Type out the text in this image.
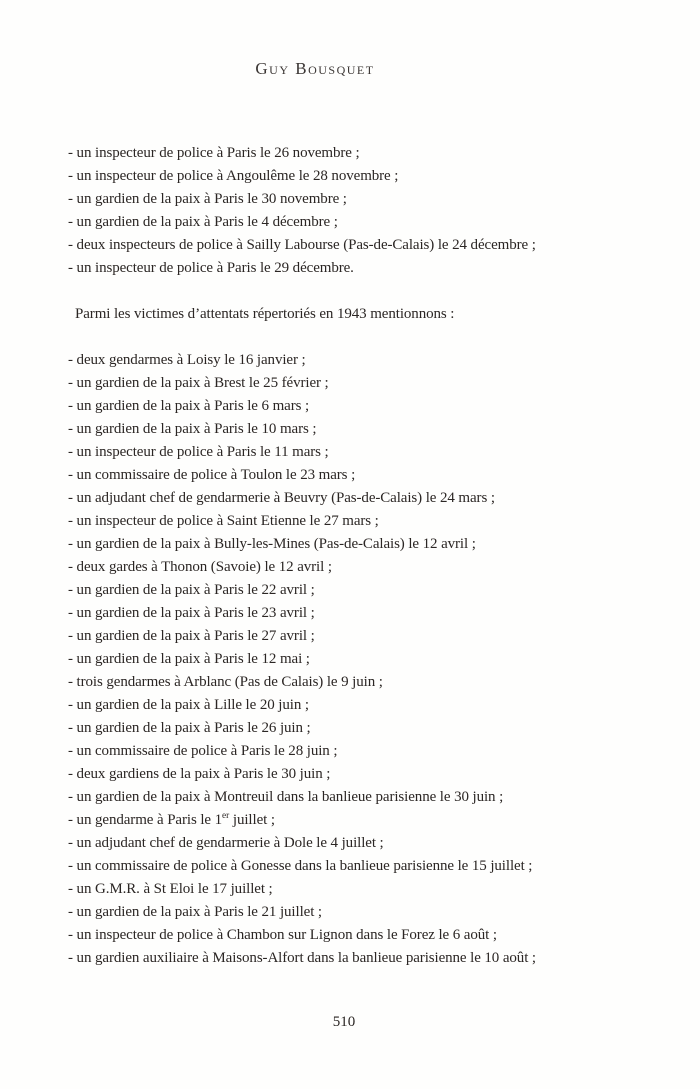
Guy Bousquet
- un inspecteur de police à Paris le 26 novembre ;
- un inspecteur de police à Angoulême le 28 novembre ;
- un gardien de la paix à Paris le 30 novembre ;
- un gardien de la paix à Paris le 4 décembre ;
- deux inspecteurs de police à Sailly Labourse (Pas-de-Calais) le 24 décembre ;
- un inspecteur de police à Paris le 29 décembre.
Parmi les victimes d’attentats répertoriés en 1943 mentionnons :
- deux gendarmes à Loisy le 16 janvier ;
- un gardien de la paix à Brest le 25 février ;
- un gardien de la paix à Paris le 6 mars ;
- un gardien de la paix à Paris le 10 mars ;
- un inspecteur de police à Paris le 11 mars ;
- un commissaire de police à Toulon le 23 mars ;
- un adjudant chef de gendarmerie à Beuvry (Pas-de-Calais) le 24 mars ;
- un inspecteur de police à Saint Etienne le 27 mars ;
- un gardien de la paix à Bully-les-Mines (Pas-de-Calais) le 12 avril ;
- deux gardes à Thonon (Savoie) le 12 avril ;
- un gardien de la paix à Paris le 22 avril ;
- un gardien de la paix à Paris le 23 avril ;
- un gardien de la paix à Paris le 27 avril ;
- un gardien de la paix à Paris le 12 mai ;
- trois gendarmes à Arblanc (Pas de Calais) le 9 juin ;
- un gardien de la paix à Lille le 20 juin ;
- un gardien de la paix à Paris le 26 juin ;
- un commissaire de police à Paris le 28 juin ;
- deux gardiens de la paix à Paris le 30 juin ;
- un gardien de la paix à Montreuil dans la banlieue parisienne le 30 juin ;
- un gendarme à Paris le 1er juillet ;
- un adjudant chef de gendarmerie à Dole le 4 juillet ;
- un commissaire de police à Gonesse dans la banlieue parisienne le 15 juillet ;
- un G.M.R. à St Eloi le 17 juillet ;
- un gardien de la paix à Paris le 21 juillet ;
- un inspecteur de police à Chambon sur Lignon dans le Forez le 6 août ;
- un gardien auxiliaire à Maisons-Alfort dans la banlieue parisienne le 10 août ;
510
